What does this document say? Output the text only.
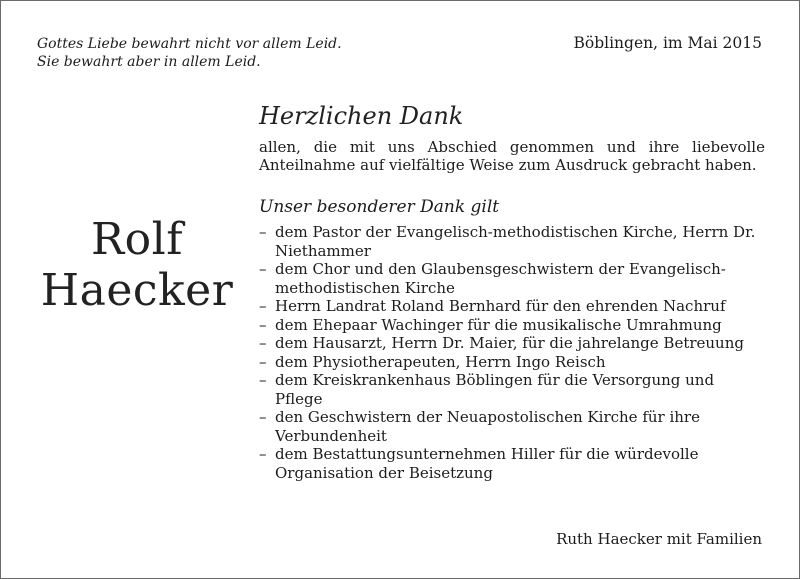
Gottes Liebe bewahrt nicht vor allem Leid.
Sie bewahrt aber in allem Leid.
Böblingen, im Mai 2015
Rolf
Haecker
Herzlichen Dank

allen, die mit uns Abschied genommen und ihre liebevolle Anteilnahme auf vielfältige Weise zum Ausdruck gebracht haben.

Unser besonderer Dank gilt
– dem Pastor der Evangelisch-methodistischen Kirche, Herrn Dr. Niethammer
– dem Chor und den Glaubensgeschwistern der Evangelisch-methodistischen Kirche
– Herrn Landrat Roland Bernhard für den ehrenden Nachruf
– dem Ehepaar Wachinger für die musikalische Umrahmung
– dem Hausarzt, Herrn Dr. Maier, für die jahrelange Betreuung
– dem Physiotherapeuten, Herrn Ingo Reisch
– dem Kreiskrankenhaus Böblingen für die Versorgung und Pflege
– den Geschwistern der Neuapostolischen Kirche für ihre Verbundenheit
– dem Bestattungsunternehmen Hiller für die würdevolle Organisation der Beisetzung
Ruth Haecker mit Familien
